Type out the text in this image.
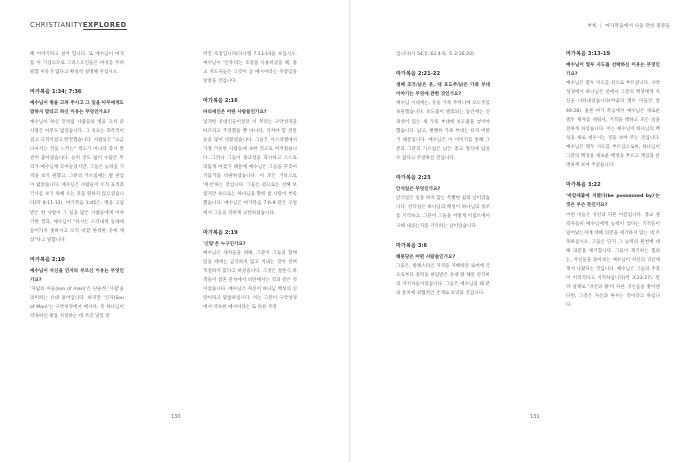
CHRISTIANITYEXPLORED	부록 | 마가복음에서 나올 만한 질문들

해 이야기하고 싶어 합니다. 또 예수님이 마귀를 이 기셨으므로 그리스도인들은 마귀를 두려워할 이유가 없다고 확실히 설명해 주십시오.

마가복음 1:34; 7:36

예수님이 병을 고쳐 주시고 그 일을 아무에게도 말하지 말라고 하신 이유는 무엇인가요?

예수님이 하신 것처럼 사람들의 병을 고쳐 준 사람은 아무도 없었습니다. 그 치료는 즉각적이었고 극적이었고 완전했습니다. 사람들은 "요금 나아지는 것을 느끼는" 정도가 아니라 즉시 완전히 좋아졌습니다. 능히 것도 없이 수많은 무리가 예수님께 모여들었지만, 그들은 능력을 기적을 보기 원했고, 그분의 가르침에는 별 관심이 없었습니다. 예수님은 사람들이 오직 표적과 기사를 보기 위해 오는 것을 원하지 않으셨습니다(막 8:11-13). 마가복음 1:45은, 병을 고침받은 한 사람이 그 일을 많은 사람들에게 이야기한 결과, 예수님이 "다시는 드러내게 동네에 들어가지 못하시고 오직 바깥 한적한 곳에 계셨"다고 말합니다.

마가복음 2:10

예수님이 자신을 인자라 부르신 이유는 무엇인가요?

'자담의 아들(son of man)'은 단순히 '사람'을 의미하는 유대 용어입니다. 하지만 '인자(Son of Man)'는 구약성경에서 메시아, 즉 하나님이 약속하신 왕을 지칭하는 데 쓰인 널리 알

려진 호칭입니다(다니엘 7:13-14을 보십시오. 예수님이 '인자'라는 호칭을 사용하셨을 때, 종교 지도자들은 그것이 곧 메시아라는 주장임을 알았을 것입니다.

마가복음 2:16

바리새인은 어떤 사람들인가요?

엄격한 유대인들이었던 이 무리는 구약성경을 따르라고 주장했을 뿐 아니라, 지켜야 할 전통들을 많이 덧붙였습니다. 그들은 이스라엘에서 가장 거룩한 사람들에 속한 것으로 여겨졌습니다. 그러나 그들이 종교성을 과시하고 스스로 의롭게 여겼기 때문에 예수님은 그들을 꾸짖어 거듭거듭 비판하셨습니다. 이 모든 거룩으로 '위선'하는 것입니다. 그들은 겉으로는 선해 보였지만 속으로는 하나님을 향한 참 사랑이 부족했습니다. 예수님은 마가복음 7:6-9 같은 구절에서 그들을 강하게 규탄하셨습니다.

마가복음 2:19

'신랑'은 누구인가요?

예수님은 세자들을 위해, 그분이 그들과 함께 있을 때에는 금식하지 않고 지내는 것이 전혀 적절하지 않다고 하셨습니다. 그것은 결혼식 하객들이 결혼 잔치에서 비탄에서는 것과 같은 것이었습니다. 예수님은 자신이 하나님 백성의 신랑이라고 말씀하십니다. 이는 그분이 구약성경에서 약속한 메시아라는 또 다른 주장

입니다(사 54:5; 62:4-5; 호 2:16-20).

마가복음 2:21-22

생베 조각/낡은 옷, 새 포도주/낡은 가죽 부대 이야기는 무엇에 관한 것인가요?

예수님 시대에는, 옷을 가죽 주머니에 포도주를 보관했습니다. 포도즙이 발효되는 동안에는 신축성이 있는 새 가죽 부대에 보도즙을 넣어야 했습니다. 낡고, 뻣뻣한 가죽 부대는 터져 버렸기 때문입니다. 예수님은 이 이미지를 통해 그분과 그분의 가르침은 낡은 종교 형식에 담을 수 없다고 주장하신 것입니다.

마가복음 2:23

안식일은 무엇인가요?

안식일은 일을 하지 않는 특별한 쉼의 날이었습니다. 안식일은 하나님의 백성이 하나님의 창조를 기억하고, 그분이 그들을 어떻게 이집트에서 구해 내셨는지를 기억하는 날이었습니다.

마가복음 3:6

헤롯당은 어떤 사람들인가요?

그들은, 팔레스타인 지역을 지배하던 로마에 국으로부터 권력을 위임받은 유대 왕 헤롯 안더바의 지지자들이었습니다. 그들은 예수님을 왜 분의 통치에 위협적인 존재로 보았을 것입니다.

마가복음 3:13-19

예수님이 열두 사도를 선택하신 이유는 무엇인가요?

예수님은 열두 지도를 선으로 부르셨니다. 구약성경에서 하나님은 선에서 그분의 백성에게 자신을 나타내셨습니다(야곱의 열두 아들인 창 49:28). 물론 마가 복음에서 예수님은 새로운 열두 제자를 세워서, 기적을 행하고 모든 일을 전하게 하셨습니다. 이는 예수님이 하나님의 백성을 새로 세우시는 것을 보여 주는 것입니다. 예수님은 열두 사도를 부르심으로써, 하나님이 그분의 백성을 새로운 백성을 부르고 계심을 분명하게 보여 주셨습니다.

마가복음 3:22

'바알세불에 지폈다(be possessed by)'는 것은 무슨 뜻인가요?

어떤 이들은 귀신의 다른 이름입니다. 종교 권력자들이 예수님에게 능력이 있다는 기적들이 일어났는지에 대해 의문을 제기하지 않는 대 주목하십시오. 그들은 단지 그 능력의 원천에 대해 의문을 제기합니다. 그들이 제기하는 혐의는, 자신들을 돌아보는 예수님이 자신의 귀신에게서 나왔다는 것입니다. 예수님은 그들의 주장이 어리석다고 지적하십니다(막 3:23-27). 만약 실제로 '귀신의 왕'이 다른 귀신들을 쫓아낸다면, 그것은 자신과 싸우는 것이라고 하십니다.

130	131
